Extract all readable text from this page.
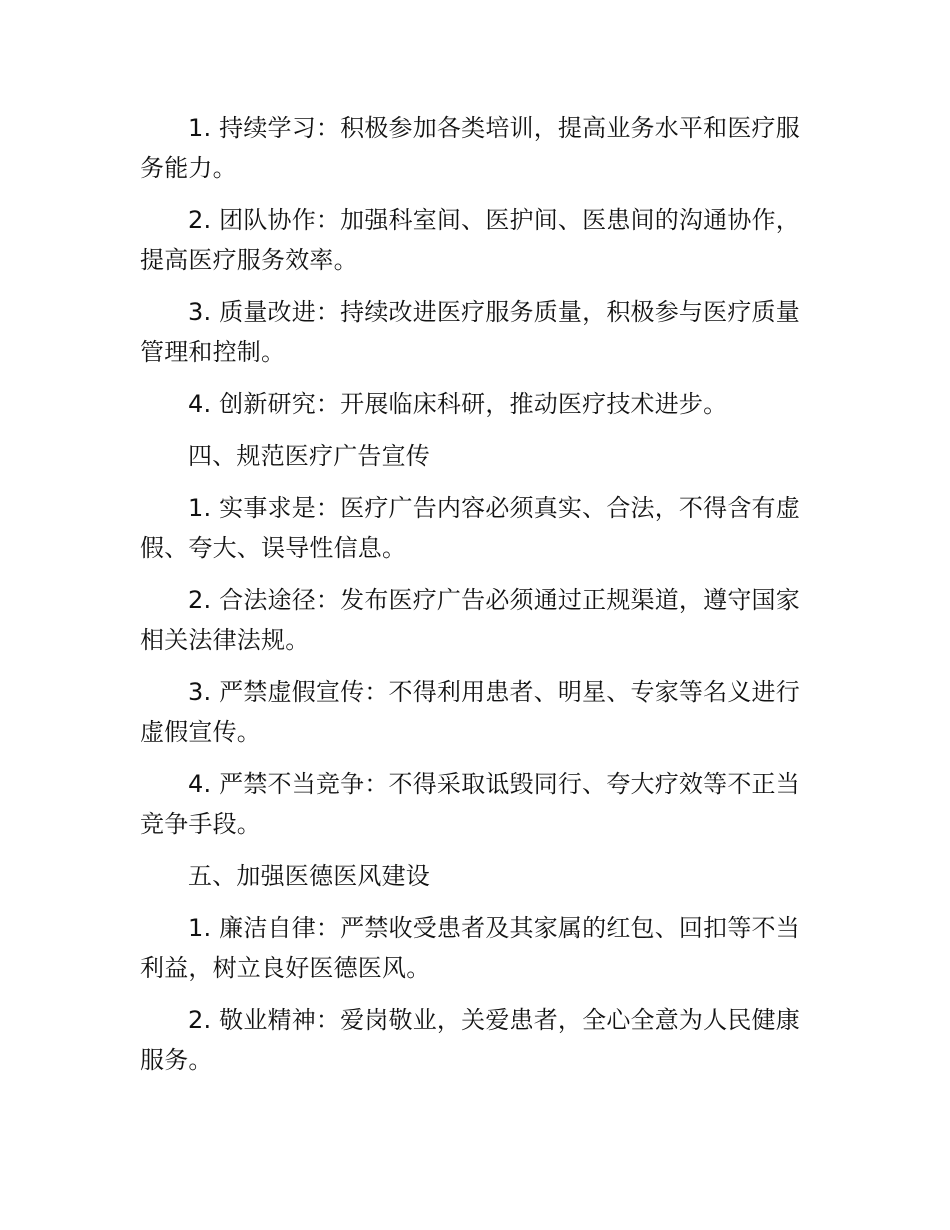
1. 持续学习：积极参加各类培训，提高业务水平和医疗服务能力。

2. 团队协作：加强科室间、医护间、医患间的沟通协作，提高医疗服务效率。

3. 质量改进：持续改进医疗服务质量，积极参与医疗质量管理和控制。

4. 创新研究：开展临床科研，推动医疗技术进步。

四、规范医疗广告宣传

1. 实事求是：医疗广告内容必须真实、合法，不得含有虚假、夸大、误导性信息。

2. 合法途径：发布医疗广告必须通过正规渠道，遵守国家相关法律法规。

3. 严禁虚假宣传：不得利用患者、明星、专家等名义进行虚假宣传。

4. 严禁不当竞争：不得采取诋毁同行、夸大疗效等不正当竞争手段。

五、加强医德医风建设

1. 廉洁自律：严禁收受患者及其家属的红包、回扣等不当利益，树立良好医德医风。

2. 敬业精神：爱岗敬业，关爱患者，全心全意为人民健康服务。
